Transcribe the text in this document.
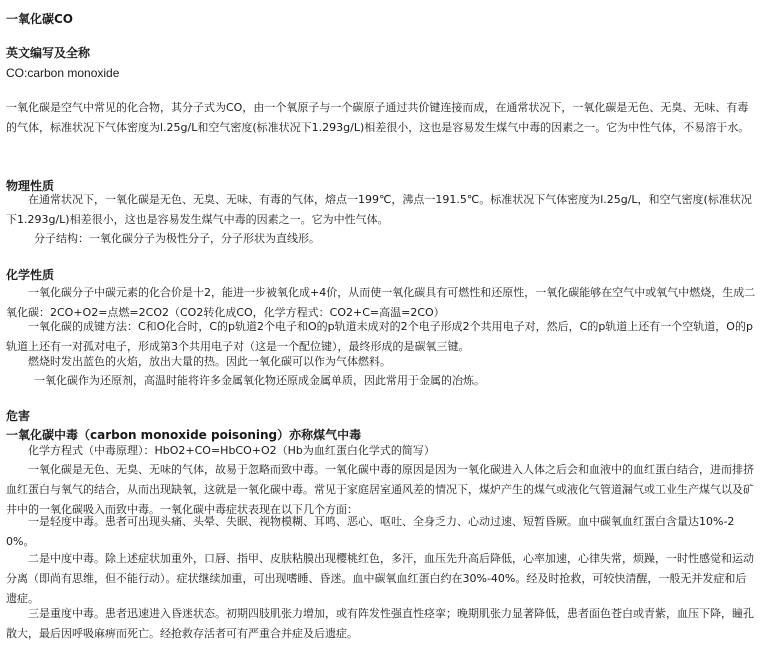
一氧化碳CO
英文编写及全称
CO:carbon monoxide

一氧化碳是空气中常见的化合物，其分子式为CO，由一个氧原子与一个碳原子通过共价键连接而成，在通常状况下，一氧化碳是无色、无臭、无味、有毒的气体，标准状况下气体密度为l.25g/L和空气密度(标准状况下1.293g/L)相差很小，这也是容易发生煤气中毒的因素之一。它为中性气体，不易溶于水。

物理性质

在通常状况下，一氧化碳是无色、无臭、无味、有毒的气体，熔点一199℃，沸点一191.5℃。标准状况下气体密度为l.25g/L，和空气密度(标准状况下1.293g/L)相差很小，这也是容易发生煤气中毒的因素之一。它为中性气体。

分子结构：一氧化碳分子为极性分子，分子形状为直线形。

化学性质

一氧化碳分子中碳元素的化合价是十2，能进一步被氧化成+4价，从而使一氧化碳具有可燃性和还原性，一氧化碳能够在空气中或氧气中燃烧，生成二氧化碳：2CO+O2=点燃=2CO2（CO2转化成CO，化学方程式：CO2+C=高温=2CO）

一氧化碳的成键方法：C和O化合时，C的p轨道2个电子和O的p轨道未成对的2个电子形成2个共用电子对，然后，C的p轨道上还有一个空轨道，O的p轨道上还有一对孤对电子，形成第3个共用电子对（这是一个配位键），最终形成的是碳氧三键。

燃烧时发出蓝色的火焰，放出大量的热。因此一氧化碳可以作为气体燃料。

一氧化碳作为还原剂，高温时能将许多金属氧化物还原成金属单质，因此常用于金属的冶炼。

危害
一氧化碳中毒（carbon monoxide poisoning）亦称煤气中毒

化学方程式（中毒原理）：HbO2+CO=HbCO+O2（Hb为血红蛋白化学式的简写）

一氧化碳是无色、无臭、无味的气体，故易于忽略而致中毒。一氧化碳中毒的原因是因为一氧化碳进入人体之后会和血液中的血红蛋白结合，进而排挤血红蛋白与氧气的结合，从而出现缺氧，这就是一氧化碳中毒。常见于家庭居室通风差的情况下，煤炉产生的煤气或液化气管道漏气或工业生产煤气以及矿井中的一氧化碳吸入而致中毒。一氧化碳中毒症状表现在以下几个方面：

一是轻度中毒。患者可出现头痛、头晕、失眠、视物模糊、耳鸣、恶心、呕吐、全身乏力、心动过速、短暂昏厥。血中碳氧血红蛋白含量达10%-20%。

二是中度中毒。除上述症状加重外，口唇、指甲、皮肤粘膜出现樱桃红色，多汗，血压先升高后降低，心率加速，心律失常，烦躁，一时性感觉和运动分离（即尚有思维，但不能行动）。症状继续加重，可出现嗜睡、昏迷。血中碳氧血红蛋白约在30%-40%。经及时抢救，可较快清醒，一般无并发症和后遗症。

三是重度中毒。患者迅速进入昏迷状态。初期四肢肌张力增加，或有阵发性强直性痉挛；晚期肌张力显著降低，患者面色苍白或青紫，血压下降，瞳孔散大，最后因呼吸麻痹而死亡。经抢救存活者可有严重合并症及后遗症。
